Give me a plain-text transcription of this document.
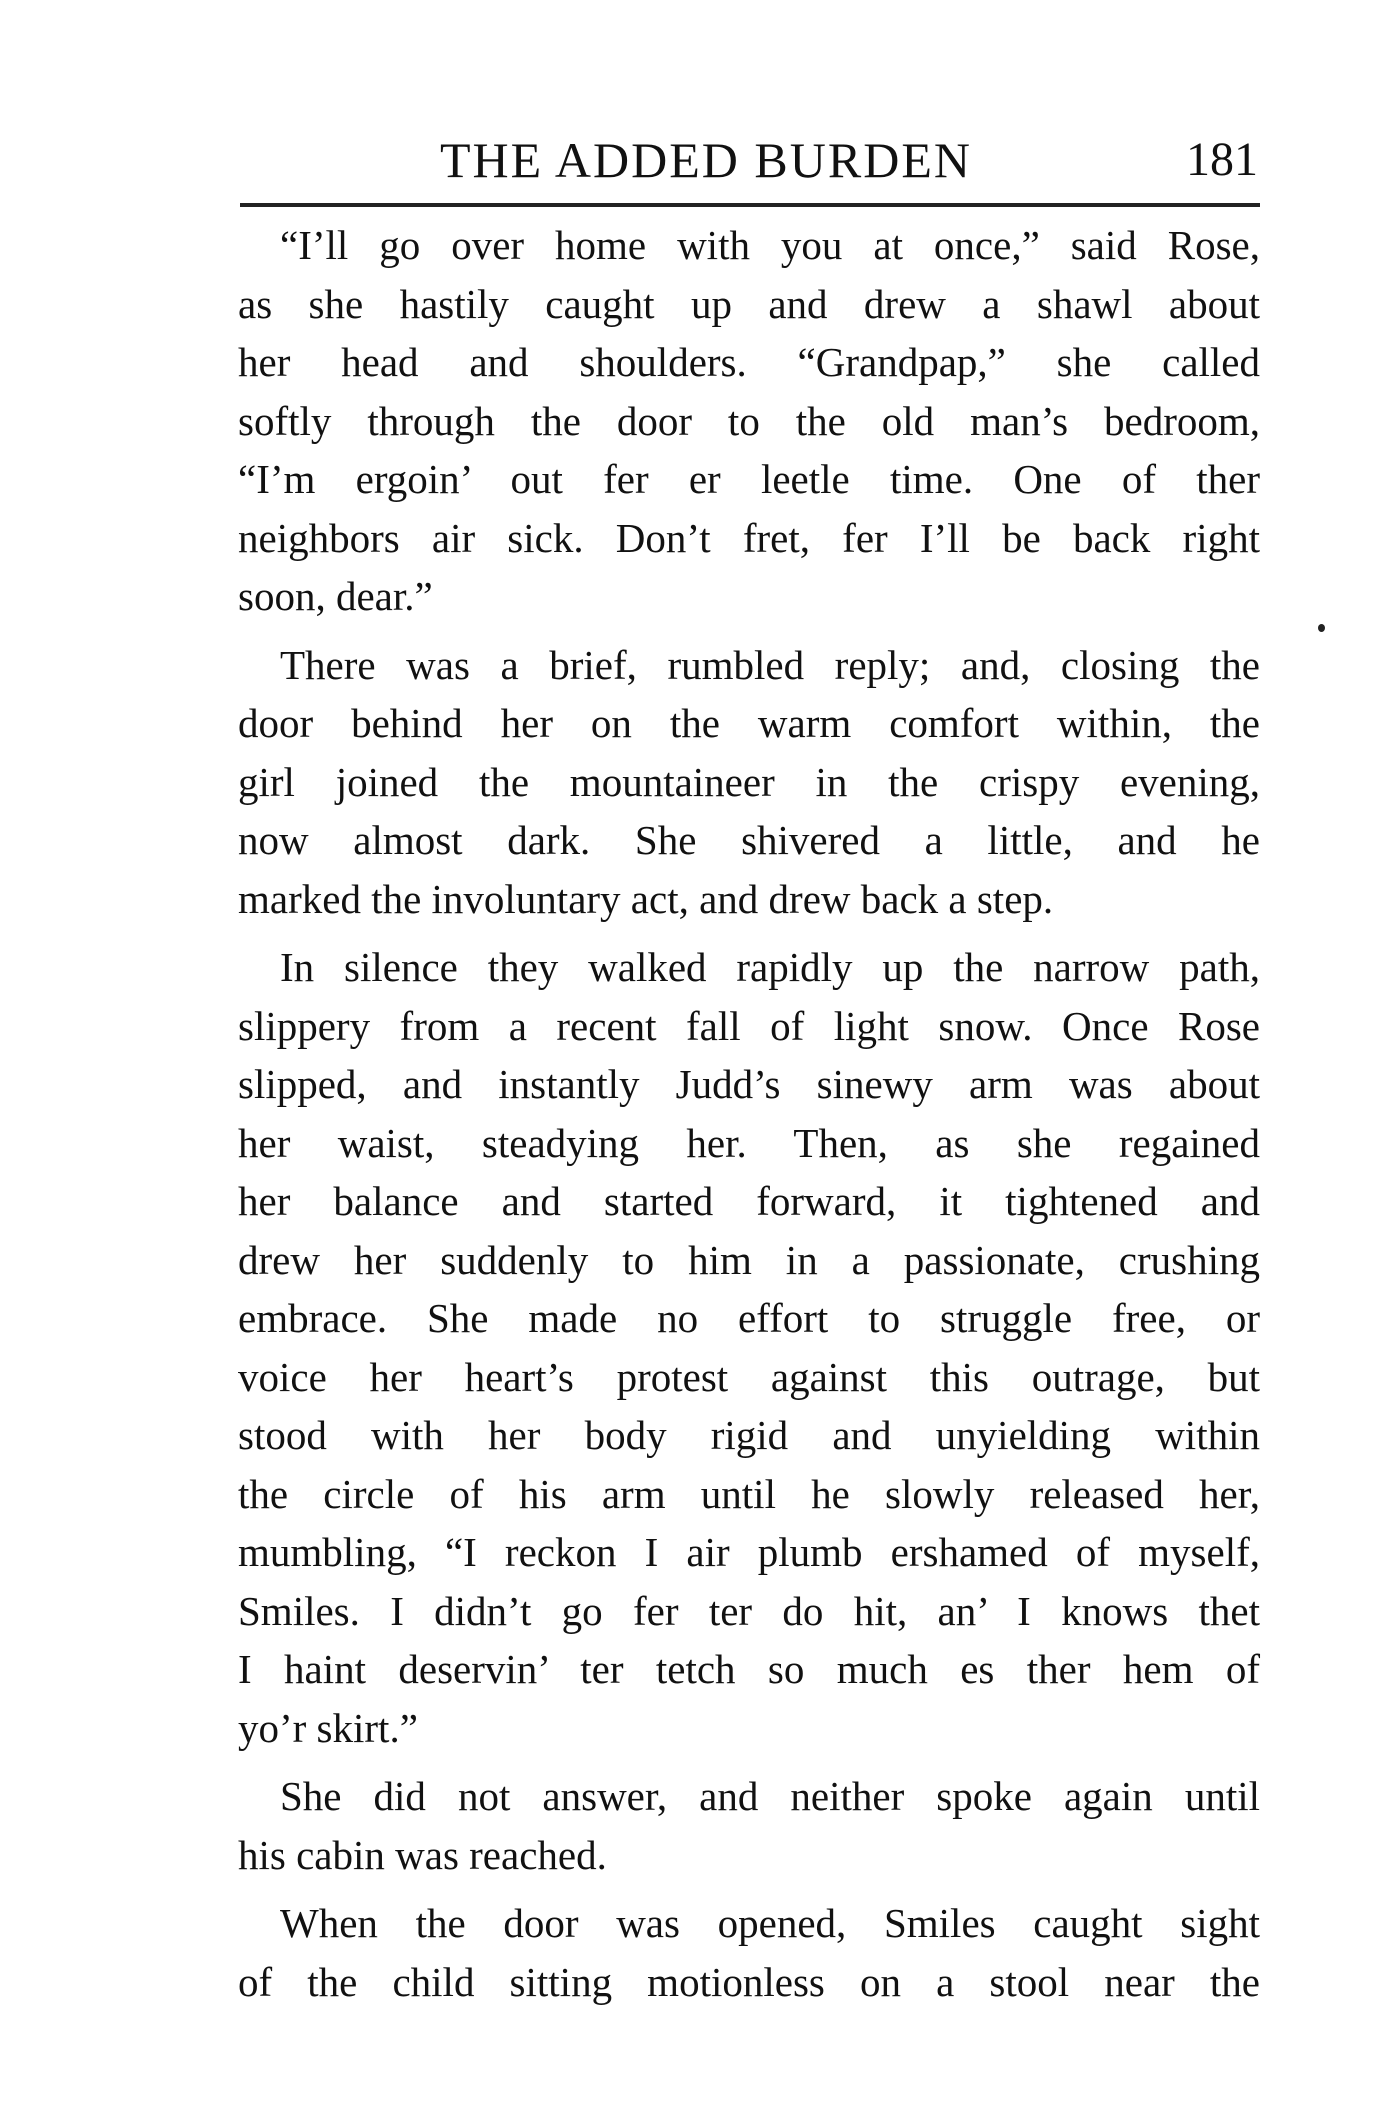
THE ADDED BURDEN	181
“I’ll go over home with you at once,” said Rose,
as she hastily caught up and drew a shawl about
her head and shoulders. “Grandpap,” she called
softly through the door to the old man’s bedroom,
“I’m ergoin’ out fer er leetle time. One of ther
neighbors air sick. Don’t fret, fer I’ll be back right
soon, dear.”
There was a brief, rumbled reply; and, closing the
door behind her on the warm comfort within, the
girl joined the mountaineer in the crispy evening,
now almost dark. She shivered a little, and he
marked the involuntary act, and drew back a step.
In silence they walked rapidly up the narrow path,
slippery from a recent fall of light snow. Once Rose
slipped, and instantly Judd’s sinewy arm was about
her waist, steadying her. Then, as she regained
her balance and started forward, it tightened and
drew her suddenly to him in a passionate, crushing
embrace. She made no effort to struggle free, or
voice her heart’s protest against this outrage, but
stood with her body rigid and unyielding within
the circle of his arm until he slowly released her,
mumbling, “I reckon I air plumb ershamed of myself,
Smiles. I didn’t go fer ter do hit, an’ I knows thet
I haint deservin’ ter tetch so much es ther hem of
yo’r skirt.”
She did not answer, and neither spoke again until
his cabin was reached.
When the door was opened, Smiles caught sight
of the child sitting motionless on a stool near the
